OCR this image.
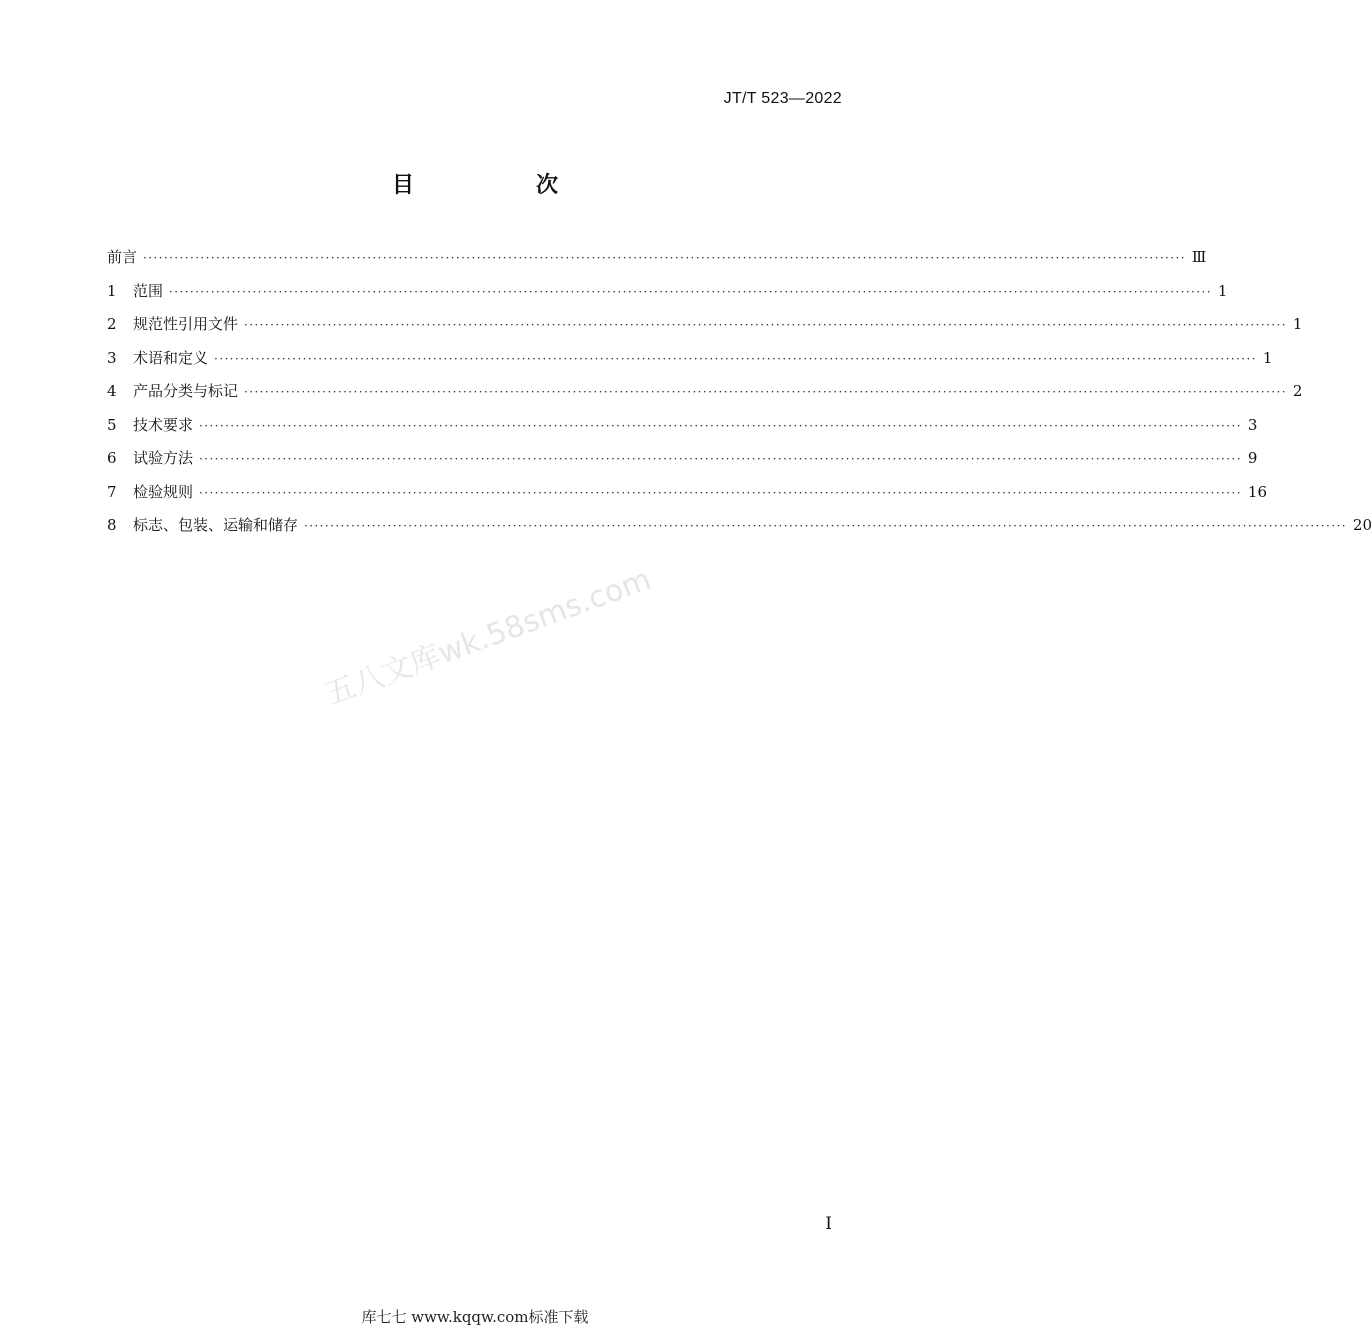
JT/T 523—2022
目　次
前言 ········································································································································································································ Ⅲ
1	范围 ········································································································································································································ 1
2	规范性引用文件 ········································································································································································································ 1
3	术语和定义 ········································································································································································································ 1
4	产品分类与标记 ········································································································································································································ 2
5	技术要求 ········································································································································································································ 3
6	试验方法 ········································································································································································································ 9
7	检验规则 ········································································································································································································ 16
8	标志、包装、运输和储存 ········································································································································································································ 20
五八文库wk.58sms.com
I
库七七 www.kqqw.com标准下载
